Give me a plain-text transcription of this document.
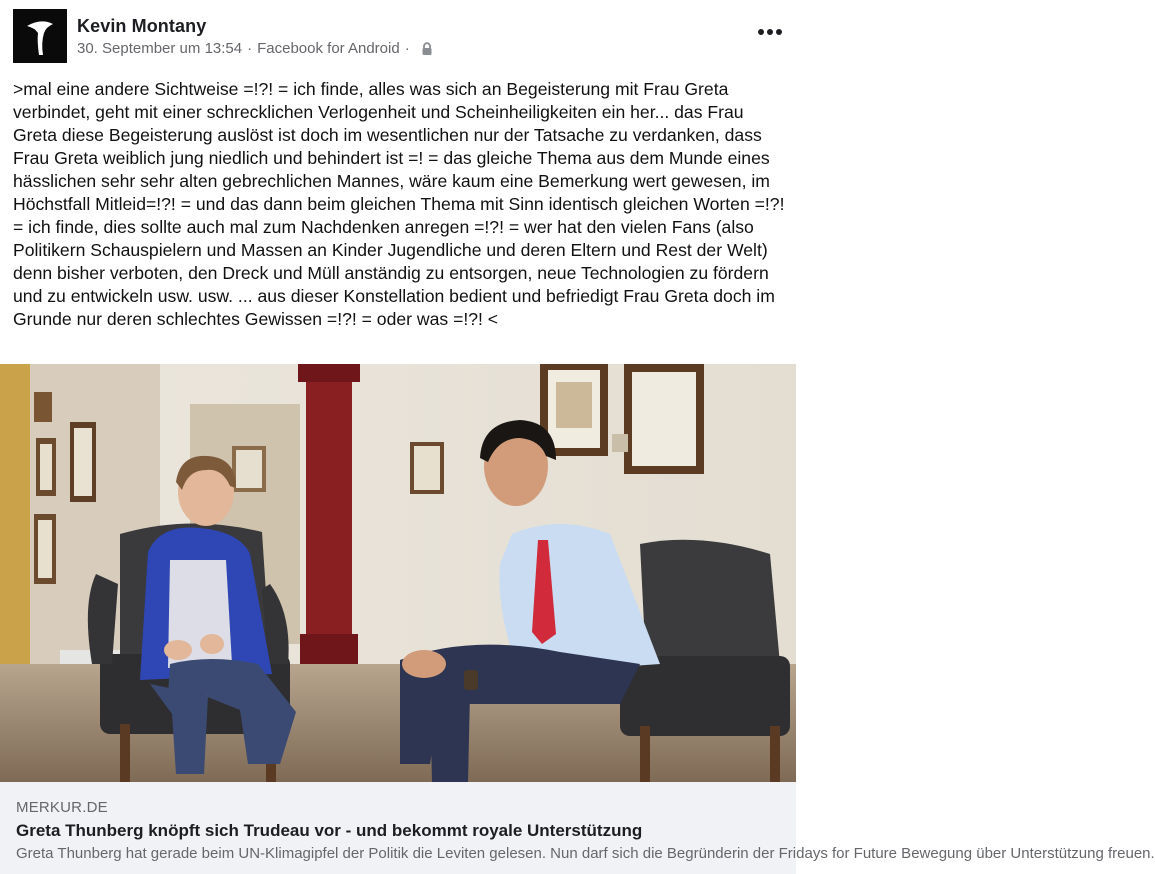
Kevin Montany
30. September um 13:54 · Facebook for Android ·
>mal eine andere Sichtweise =!?! = ich finde, alles was sich an Begeisterung mit Frau Greta verbindet, geht mit einer schrecklichen Verlogenheit und Scheinheiligkeiten ein her... das Frau Greta diese Begeisterung auslöst ist doch im wesentlichen nur der Tatsache zu verdanken, dass Frau Greta weiblich jung niedlich und behindert ist =! = das gleiche Thema aus dem Munde eines hässlichen sehr sehr alten gebrechlichen Mannes, wäre kaum eine Bemerkung wert gewesen, im Höchstfall Mitleid=!?! = und das dann beim gleichen Thema mit Sinn identisch gleichen Worten =!?! = ich finde, dies sollte auch mal zum Nachdenken anregen =!?! = wer hat den vielen Fans (also Politikern Schauspielern und Massen an Kinder Jugendliche und deren Eltern und Rest der Welt) denn bisher verboten, den Dreck und Müll anständig zu entsorgen, neue Technologien zu fördern und zu entwickeln usw. usw. ... aus dieser Konstellation bedient und befriedigt Frau Greta doch im Grunde nur deren schlechtes Gewissen =!?! = oder was =!?! <
MERKUR.DE
Greta Thunberg knöpft sich Trudeau vor - und bekommt royale Unterstützung
Greta Thunberg hat gerade beim UN-Klimagipfel der Politik die Leviten gelesen. Nun darf sich die Begründerin der Fridays for Future Bewegung über Unterstützung freuen.
